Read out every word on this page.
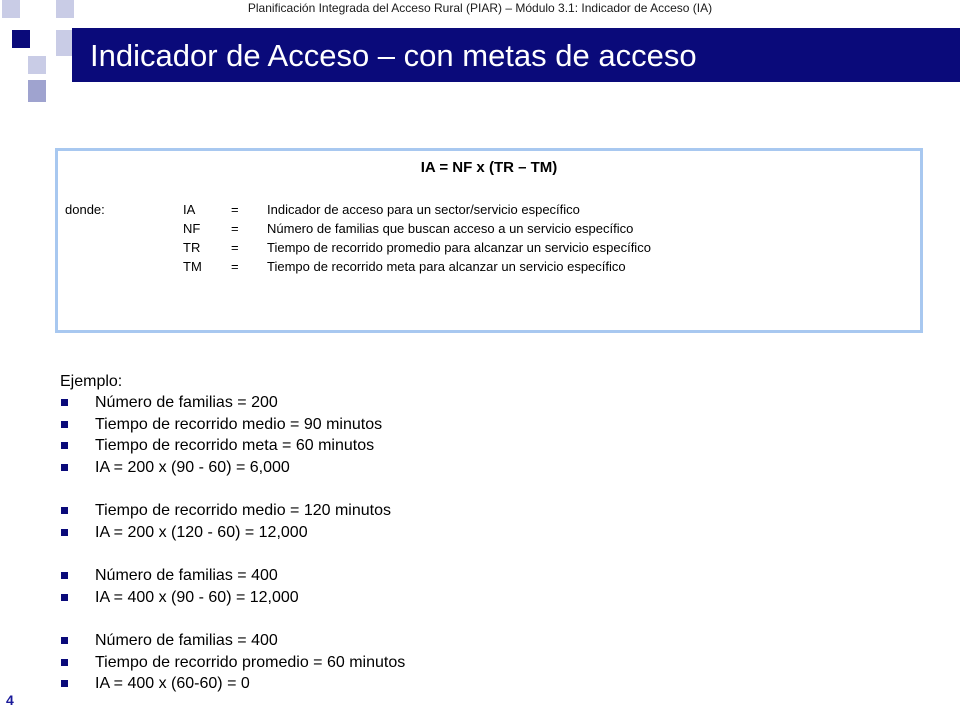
Planificación Integrada del Acceso Rural (PIAR) – Módulo 3.1: Indicador de Acceso (IA)
Indicador de Acceso – con metas de acceso
IA = NF x (TR – TM)
donde:	IA	= Indicador de acceso para un sector/servicio específico
NF = Número de familias que buscan acceso a un servicio específico
TR = Tiempo de recorrido promedio para alcanzar un servicio específico
TM = Tiempo de recorrido meta para alcanzar un servicio específico
Ejemplo:
Número de familias = 200
Tiempo de recorrido medio = 90 minutos
Tiempo de recorrido meta = 60 minutos
IA = 200 x (90 - 60) = 6,000
Tiempo de recorrido medio = 120 minutos
IA = 200 x (120 - 60) = 12,000
Número de familias = 400
IA = 400 x (90 - 60) = 12,000
Número de familias = 400
Tiempo de recorrido promedio = 60 minutos
IA = 400 x (60-60) = 0
4
